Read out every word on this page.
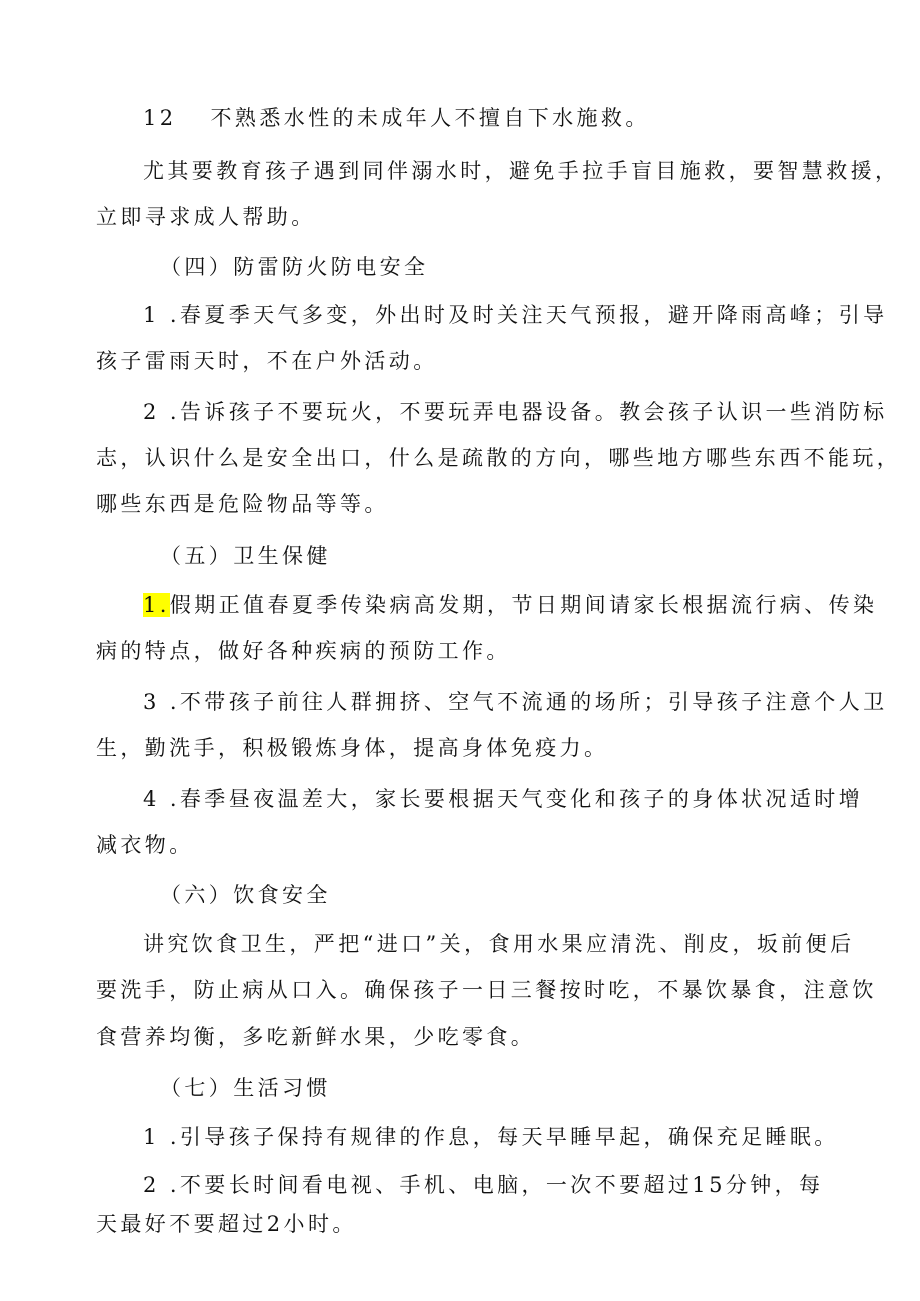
12 不熟悉水性的未成年人不擅自下水施救。
尤其要教育孩子遇到同伴溺水时，避免手拉手盲目施救，要智慧救援，
立即寻求成人帮助。
（四）防雷防火防电安全
1 .春夏季天气多变，外出时及时关注天气预报，避开降雨高峰；引导
孩子雷雨天时，不在户外活动。
2 .告诉孩子不要玩火，不要玩弄电器设备。教会孩子认识一些消防标
志，认识什么是安全出口，什么是疏散的方向，哪些地方哪些东西不能玩，
哪些东西是危险物品等等。
（五）卫生保健
1.假期正值春夏季传染病高发期，节日期间请家长根据流行病、传染
病的特点，做好各种疾病的预防工作。
3 .不带孩子前往人群拥挤、空气不流通的场所；引导孩子注意个人卫
生，勤洗手，积极锻炼身体，提高身体免疫力。
4 .春季昼夜温差大，家长要根据天气变化和孩子的身体状况适时增
减衣物。
（六）饮食安全
讲究饮食卫生，严把“进口”关，食用水果应清洗、削皮，坂前便后
要洗手，防止病从口入。确保孩子一日三餐按时吃，不暴饮暴食，注意饮
食营养均衡，多吃新鲜水果，少吃零食。
（七）生活习惯
1 .引导孩子保持有规律的作息，每天早睡早起，确保充足睡眠。
2 .不要长时间看电视、手机、电脑，一次不要超过15分钟，每
天最好不要超过2小时。
